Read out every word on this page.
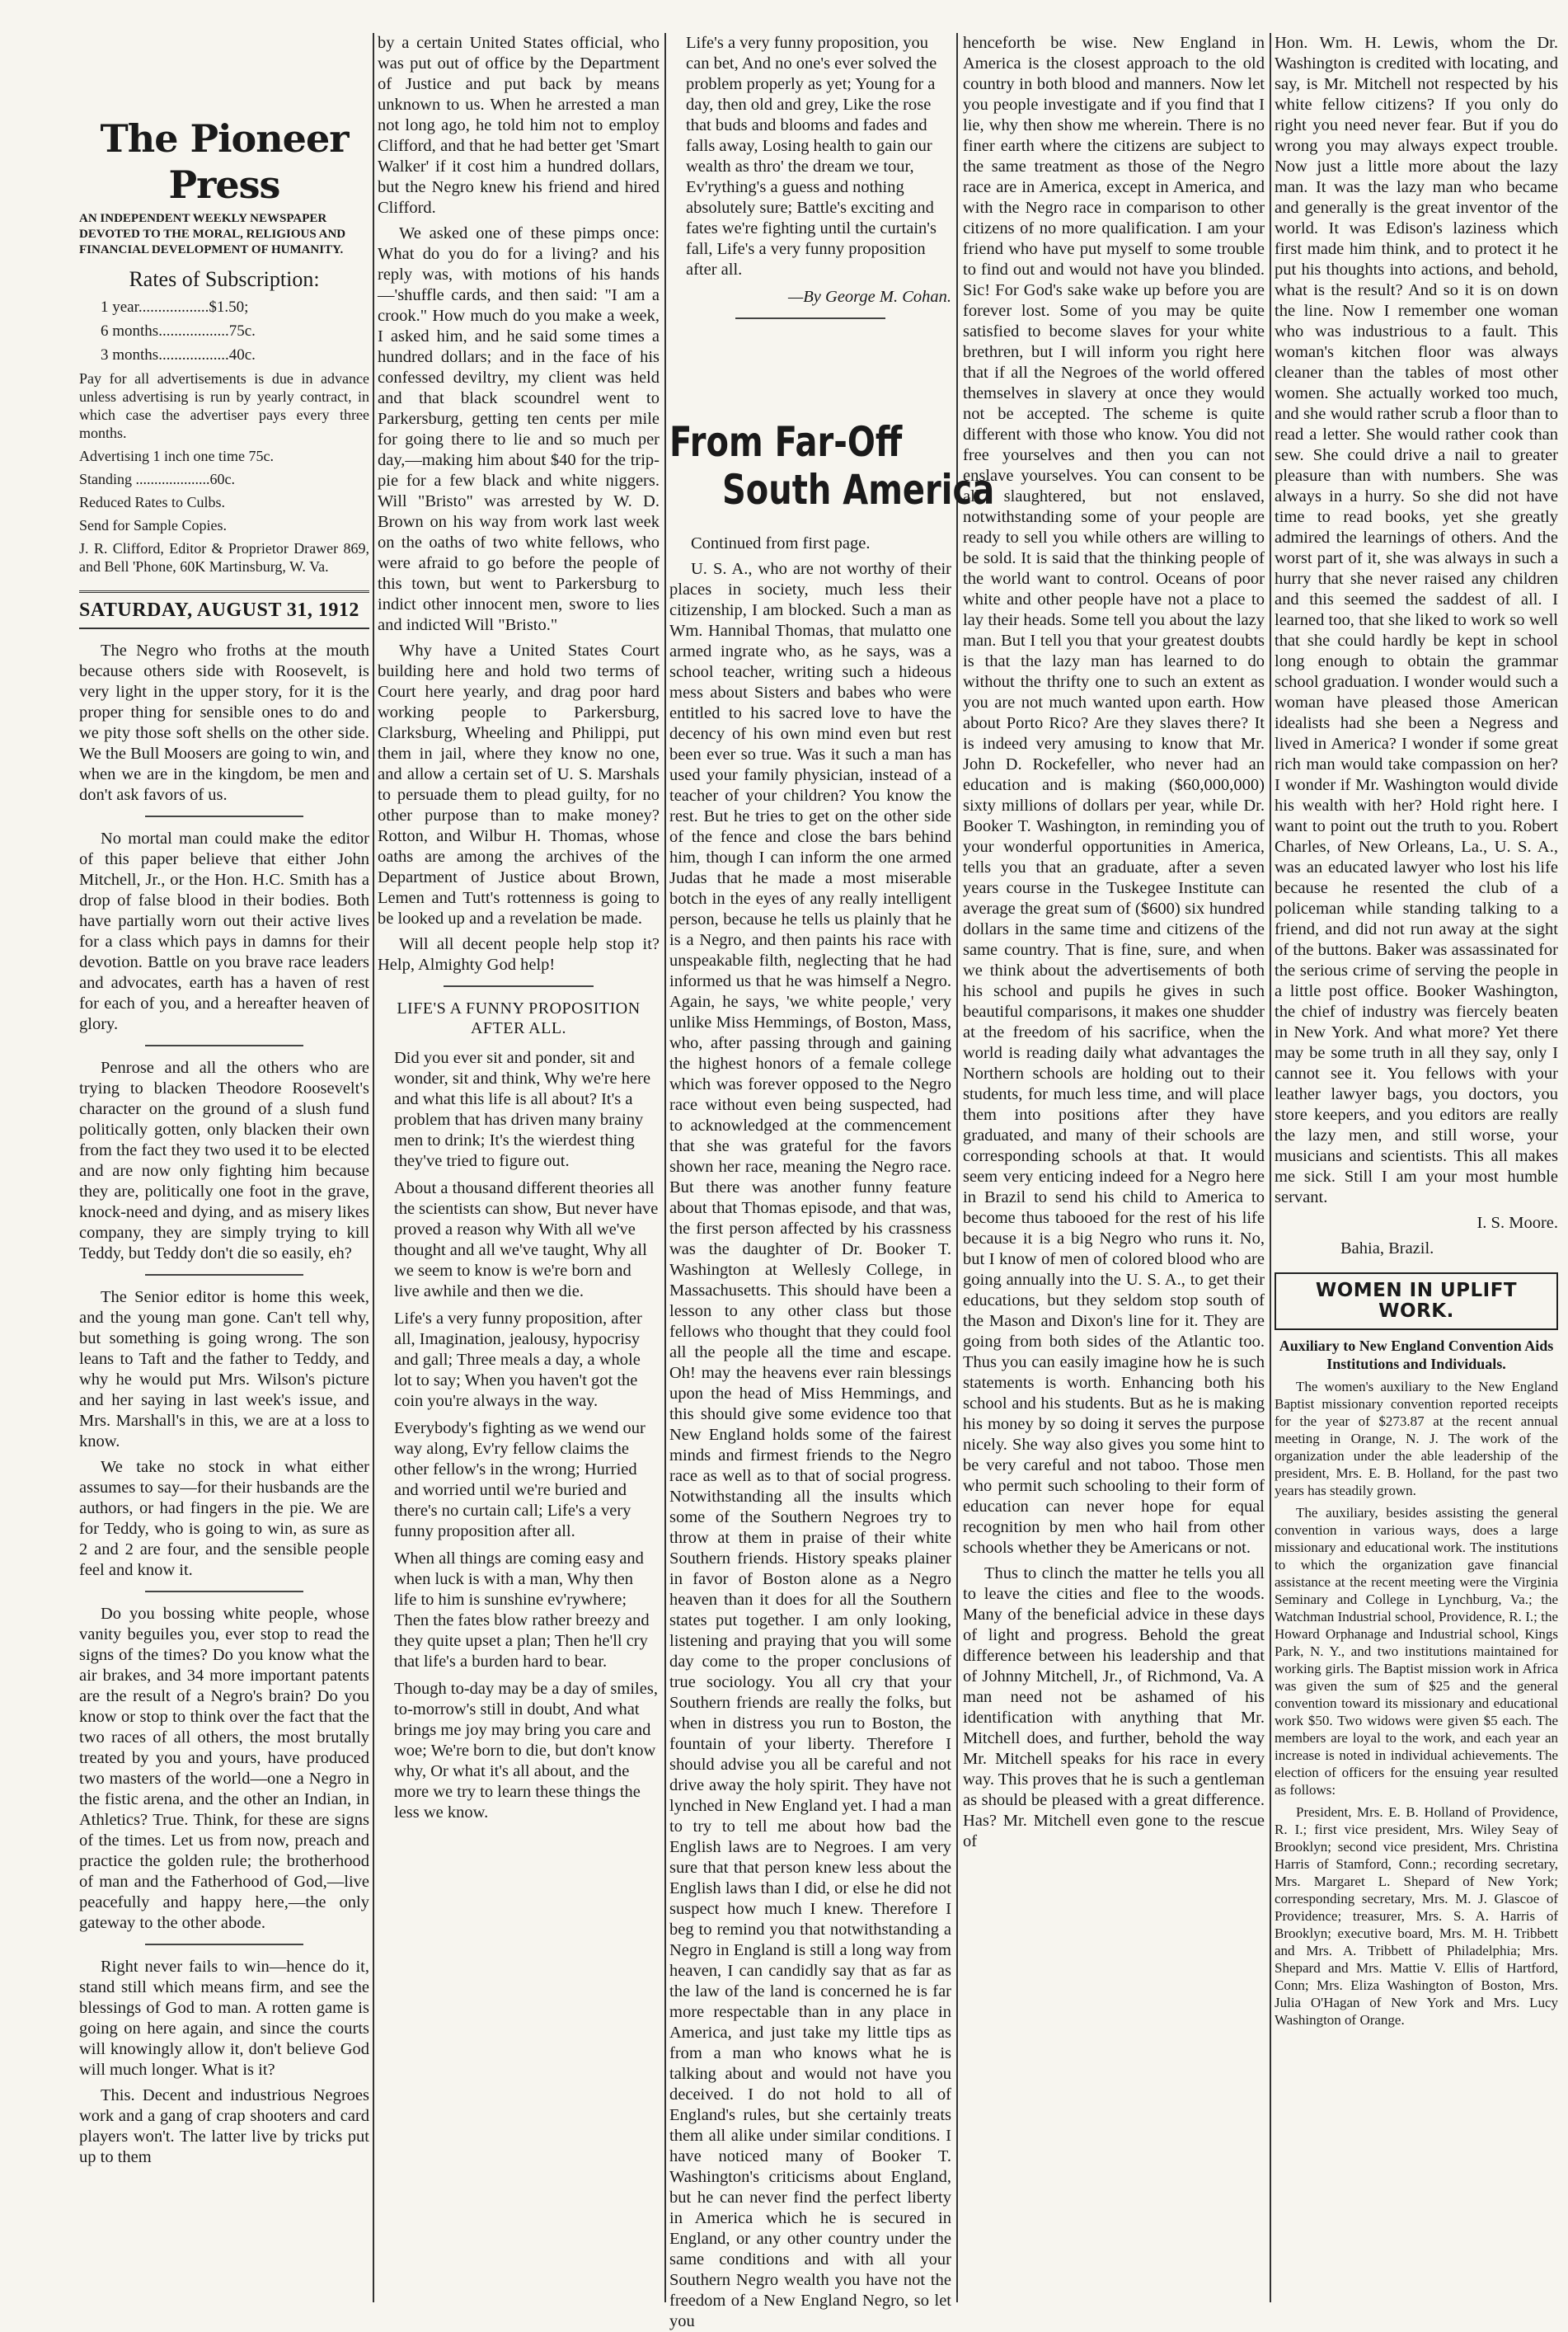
The Pioneer Press
AN INDEPENDENT WEEKLY NEWSPAPER DEVOTED TO THE MORAL, RELIGIOUS AND FINANCIAL DEVELOPMENT OF HUMANITY.
Rates of Subscription:

1 year..................$1.50;

6 months..................75c.

3 months..................40c.

Pay for all advertisements is due in advance unless advertising is run by yearly contract, in which case the advertiser pays every three months.

Advertising 1 inch one time 75c.

Standing ....................60c.

Reduced Rates to Culbs.

Send for Sample Copies.

J. R. Clifford, Editor & Proprietor Drawer 869, and Bell 'Phone, 60K Martinsburg, W. Va.

SATURDAY, AUGUST 31, 1912

The Negro who froths at the mouth because others side with Roosevelt, is very light in the upper story, for it is the proper thing for sensible ones to do and we pity those soft shells on the other side. We the Bull Moosers are going to win, and when we are in the kingdom, be men and don't ask favors of us.

No mortal man could make the editor of this paper believe that either John Mitchell, Jr., or the Hon. H.C. Smith has a drop of false blood in their bodies. Both have partially worn out their active lives for a class which pays in damns for their devotion. Battle on you brave race leaders and advocates, earth has a haven of rest for each of you, and a hereafter heaven of glory.

Penrose and all the others who are trying to blacken Theodore Roosevelt's character on the ground of a slush fund politically gotten, only blacken their own from the fact they two used it to be elected and are now only fighting him because they are, politically one foot in the grave, knock-need and dying, and as misery likes company, they are simply trying to kill Teddy, but Teddy don't die so easily, eh?

The Senior editor is home this week, and the young man gone. Can't tell why, but something is going wrong. The son leans to Taft and the father to Teddy, and why he would put Mrs. Wilson's picture and her saying in last week's issue, and Mrs. Marshall's in this, we are at a loss to know.

We take no stock in what either assumes to say—for their husbands are the authors, or had fingers in the pie. We are for Teddy, who is going to win, as sure as 2 and 2 are four, and the sensible people feel and know it.

Do you bossing white people, whose vanity beguiles you, ever stop to read the signs of the times? Do you know what the air brakes, and 34 more important patents are the result of a Negro's brain? Do you know or stop to think over the fact that the two races of all others, the most brutally treated by you and yours, have produced two masters of the world—one a Negro in the fistic arena, and the other an Indian, in Athletics? True. Think, for these are signs of the times. Let us from now, preach and practice the golden rule; the brotherhood of man and the Fatherhood of God,—live peacefully and happy here,—the only gateway to the other abode.

Right never fails to win—hence do it, stand still which means firm, and see the blessings of God to man. A rotten game is going on here again, and since the courts will knowingly allow it, don't believe God will much longer. What is it?

This. Decent and industrious Negroes work and a gang of crap shooters and card players won't. The latter live by tricks put up to them

by a certain United States official, who was put out of office by the Department of Justice and put back by means unknown to us. When he arrested a man not long ago, he told him not to employ Clifford, and that he had better get 'Smart Walker' if it cost him a hundred dollars, but the Negro knew his friend and hired Clifford.

We asked one of these pimps once: What do you do for a living? and his reply was, with motions of his hands—'shuffle cards, and then said: "I am a crook." How much do you make a week, I asked him, and he said some times a hundred dollars; and in the face of his confessed deviltry, my client was held and that black scoundrel went to Parkersburg, getting ten cents per mile for going there to lie and so much per day,—making him about $40 for the trip-pie for a few black and white niggers. Will "Bristo" was arrested by W. D. Brown on his way from work last week on the oaths of two white fellows, who were afraid to go before the people of this town, but went to Parkersburg to indict other innocent men, swore to lies and indicted Will "Bristo."

Why have a United States Court building here and hold two terms of Court here yearly, and drag poor hard working people to Parkersburg, Clarksburg, Wheeling and Philippi, put them in jail, where they know no one, and allow a certain set of U. S. Marshals to persuade them to plead guilty, for no other purpose than to make money? Rotton, and Wilbur H. Thomas, whose oaths are among the archives of the Department of Justice about Brown, Lemen and Tutt's rottenness is going to be looked up and a revelation be made.

Will all decent people help stop it? Help, Almighty God help!

LIFE'S A FUNNY PROPOSITION AFTER ALL.

Did you ever sit and ponder, sit and wonder, sit and think, Why we're here and what this life is all about? It's a problem that has driven many brainy men to drink; It's the wierdest thing they've tried to figure out.

About a thousand different theories all the scientists can show, But never have proved a reason why With all we've thought and all we've taught, Why all we seem to know is we're born and live awhile and then we die.

Life's a very funny proposition, after all, Imagination, jealousy, hypocrisy and gall; Three meals a day, a whole lot to say; When you haven't got the coin you're always in the way.

Everybody's fighting as we wend our way along, Ev'ry fellow claims the other fellow's in the wrong; Hurried and worried until we're buried and there's no curtain call; Life's a very funny proposition after all.

When all things are coming easy and when luck is with a man, Why then life to him is sunshine ev'rywhere; Then the fates blow rather breezy and they quite upset a plan; Then he'll cry that life's a burden hard to bear.

Though to-day may be a day of smiles, to-morrow's still in doubt, And what brings me joy may bring you care and woe; We're born to die, but don't know why, Or what it's all about, and the more we try to learn these things the less we know.

Life's a very funny proposition, you can bet, And no one's ever solved the problem properly as yet; Young for a day, then old and grey, Like the rose that buds and blooms and fades and falls away, Losing health to gain our wealth as thro' the dream we tour, Ev'rything's a guess and nothing absolutely sure; Battle's exciting and fates we're fighting until the curtain's fall, Life's a very funny proposition after all.

—By George M. Cohan.

From Far-Off
South America

Continued from first page.

U. S. A., who are not worthy of their places in society, much less their citizenship, I am blocked. Such a man as Wm. Hannibal Thomas, that mulatto one armed ingrate who, as he says, was a school teacher, writing such a hideous mess about Sisters and babes who were entitled to his sacred love to have the decency of his own mind even but rest been ever so true. Was it such a man has used your family physician, instead of a teacher of your children? You know the rest. But he tries to get on the other side of the fence and close the bars behind him, though I can inform the one armed Judas that he made a most miserable botch in the eyes of any really intelligent person, because he tells us plainly that he is a Negro, and then paints his race with unspeakable filth, neglecting that he had informed us that he was himself a Negro. Again, he says, 'we white people,' very unlike Miss Hemmings, of Boston, Mass, who, after passing through and gaining the highest honors of a female college which was forever opposed to the Negro race without even being suspected, had to acknowledged at the commencement that she was grateful for the favors shown her race, meaning the Negro race. But there was another funny feature about that Thomas episode, and that was, the first person affected by his crassness was the daughter of Dr. Booker T. Washington at Wellesly College, in Massachusetts. This should have been a lesson to any other class but those fellows who thought that they could fool all the people all the time and escape. Oh! may the heavens ever rain blessings upon the head of Miss Hemmings, and this should give some evidence too that New England holds some of the fairest minds and firmest friends to the Negro race as well as to that of social progress. Notwithstanding all the insults which some of the Southern Negroes try to throw at them in praise of their white Southern friends. History speaks plainer in favor of Boston alone as a Negro heaven than it does for all the Southern states put together. I am only looking, listening and praying that you will some day come to the proper conclusions of true sociology. You all cry that your Southern friends are really the folks, but when in distress you run to Boston, the fountain of your liberty. Therefore I should advise you all be careful and not drive away the holy spirit. They have not lynched in New England yet. I had a man to try to tell me about how bad the English laws are to Negroes. I am very sure that that person knew less about the English laws than I did, or else he did not suspect how much I knew. Therefore I beg to remind you that notwithstanding a Negro in England is still a long way from heaven, I can candidly say that as far as the law of the land is concerned he is far more respectable than in any place in America, and just take my little tips as from a man who knows what he is talking about and would not have you deceived. I do not hold to all of England's rules, but she certainly treats them all alike under similar conditions. I have noticed many of Booker T. Washington's criticisms about England, but he can never find the perfect liberty in America which he is secured in England, or any other country under the same conditions and with all your Southern Negro wealth you have not the freedom of a New England Negro, so let you

henceforth be wise. New England in America is the closest approach to the old country in both blood and manners. Now let you people investigate and if you find that I lie, why then show me wherein. There is no finer earth where the citizens are subject to the same treatment as those of the Negro race are in America, except in America, and with the Negro race in comparison to other citizens of no more qualification. I am your friend who have put myself to some trouble to find out and would not have you blinded. Sic! For God's sake wake up before you are forever lost. Some of you may be quite satisfied to become slaves for your white brethren, but I will inform you right here that if all the Negroes of the world offered themselves in slavery at once they would not be accepted. The scheme is quite different with those who know. You did not free yourselves and then you can not enslave yourselves. You can consent to be all slaughtered, but not enslaved, notwithstanding some of your people are ready to sell you while others are willing to be sold. It is said that the thinking people of the world want to control. Oceans of poor white and other people have not a place to lay their heads. Some tell you about the lazy man. But I tell you that your greatest doubts is that the lazy man has learned to do without the thrifty one to such an extent as you are not much wanted upon earth. How about Porto Rico? Are they slaves there? It is indeed very amusing to know that Mr. John D. Rockefeller, who never had an education and is making ($60,000,000) sixty millions of dollars per year, while Dr. Booker T. Washington, in reminding you of your wonderful opportunities in America, tells you that an graduate, after a seven years course in the Tuskegee Institute can average the great sum of ($600) six hundred dollars in the same time and citizens of the same country. That is fine, sure, and when we think about the advertisements of both his school and pupils he gives in such beautiful comparisons, it makes one shudder at the freedom of his sacrifice, when the world is reading daily what advantages the Northern schools are holding out to their students, for much less time, and will place them into positions after they have graduated, and many of their schools are corresponding schools at that. It would seem very enticing indeed for a Negro here in Brazil to send his child to America to become thus tabooed for the rest of his life because it is a big Negro who runs it. No, but I know of men of colored blood who are going annually into the U. S. A., to get their educations, but they seldom stop south of the Mason and Dixon's line for it. They are going from both sides of the Atlantic too. Thus you can easily imagine how he is such statements is worth. Enhancing both his school and his students. But as he is making his money by so doing it serves the purpose nicely. She way also gives you some hint to be very careful and not taboo. Those men who permit such schooling to their form of education can never hope for equal recognition by men who hail from other schools whether they be Americans or not.

Thus to clinch the matter he tells you all to leave the cities and flee to the woods. Many of the beneficial advice in these days of light and progress. Behold the great difference between his leadership and that of Johnny Mitchell, Jr., of Richmond, Va. A man need not be ashamed of his identification with anything that Mr. Mitchell does, and further, behold the way Mr. Mitchell speaks for his race in every way. This proves that he is such a gentleman as should be pleased with a great difference. Has? Mr. Mitchell even gone to the rescue of

Hon. Wm. H. Lewis, whom the Dr. Washington is credited with locating, and say, is Mr. Mitchell not respected by his white fellow citizens? If you only do right you need never fear. But if you do wrong you may always expect trouble. Now just a little more about the lazy man. It was the lazy man who became and generally is the great inventor of the world. It was Edison's laziness which first made him think, and to protect it he put his thoughts into actions, and behold, what is the result? And so it is on down the line. Now I remember one woman who was industrious to a fault. This woman's kitchen floor was always cleaner than the tables of most other women. She actually worked too much, and she would rather scrub a floor than to read a letter. She would rather cook than sew. She could drive a nail to greater pleasure than with numbers. She was always in a hurry. So she did not have time to read books, yet she greatly admired the learnings of others. And the worst part of it, she was always in such a hurry that she never raised any children and this seemed the saddest of all. I learned too, that she liked to work so well that she could hardly be kept in school long enough to obtain the grammar school graduation. I wonder would such a woman have pleased those American idealists had she been a Negress and lived in America? I wonder if some great rich man would take compassion on her? I wonder if Mr. Washington would divide his wealth with her? Hold right here. I want to point out the truth to you. Robert Charles, of New Orleans, La., U. S. A., was an educated lawyer who lost his life because he resented the club of a policeman while standing talking to a friend, and did not run away at the sight of the buttons. Baker was assassinated for the serious crime of serving the people in a little post office. Booker Washington, the chief of industry was fiercely beaten in New York. And what more? Yet there may be some truth in all they say, only I cannot see it. You fellows with your leather lawyer bags, you doctors, you store keepers, and you editors are really the lazy men, and still worse, your musicians and scientists. This all makes me sick. Still I am your most humble servant.

I. S. Moore.

Bahia, Brazil.

WOMEN IN UPLIFT WORK.

Auxiliary to New England Convention Aids Institutions and Individuals.

The women's auxiliary to the New England Baptist missionary convention reported receipts for the year of $273.87 at the recent annual meeting in Orange, N. J. The work of the organization under the able leadership of the president, Mrs. E. B. Holland, for the past two years has steadily grown.

The auxiliary, besides assisting the general convention in various ways, does a large missionary and educational work. The institutions to which the organization gave financial assistance at the recent meeting were the Virginia Seminary and College in Lynchburg, Va.; the Watchman Industrial school, Providence, R. I.; the Howard Orphanage and Industrial school, Kings Park, N. Y., and two institutions maintained for working girls. The Baptist mission work in Africa was given the sum of $25 and the general convention toward its missionary and educational work $50. Two widows were given $5 each. The members are loyal to the work, and each year an increase is noted in individual achievements. The election of officers for the ensuing year resulted as follows:

President, Mrs. E. B. Holland of Providence, R. I.; first vice president, Mrs. Wiley Seay of Brooklyn; second vice president, Mrs. Christina Harris of Stamford, Conn.; recording secretary, Mrs. Margaret L. Shepard of New York; corresponding secretary, Mrs. M. J. Glascoe of Providence; treasurer, Mrs. S. A. Harris of Brooklyn; executive board, Mrs. M. H. Tribbett and Mrs. A. Tribbett of Philadelphia; Mrs. Shepard and Mrs. Mattie V. Ellis of Hartford, Conn; Mrs. Eliza Washington of Boston, Mrs. Julia O'Hagan of New York and Mrs. Lucy Washington of Orange.
